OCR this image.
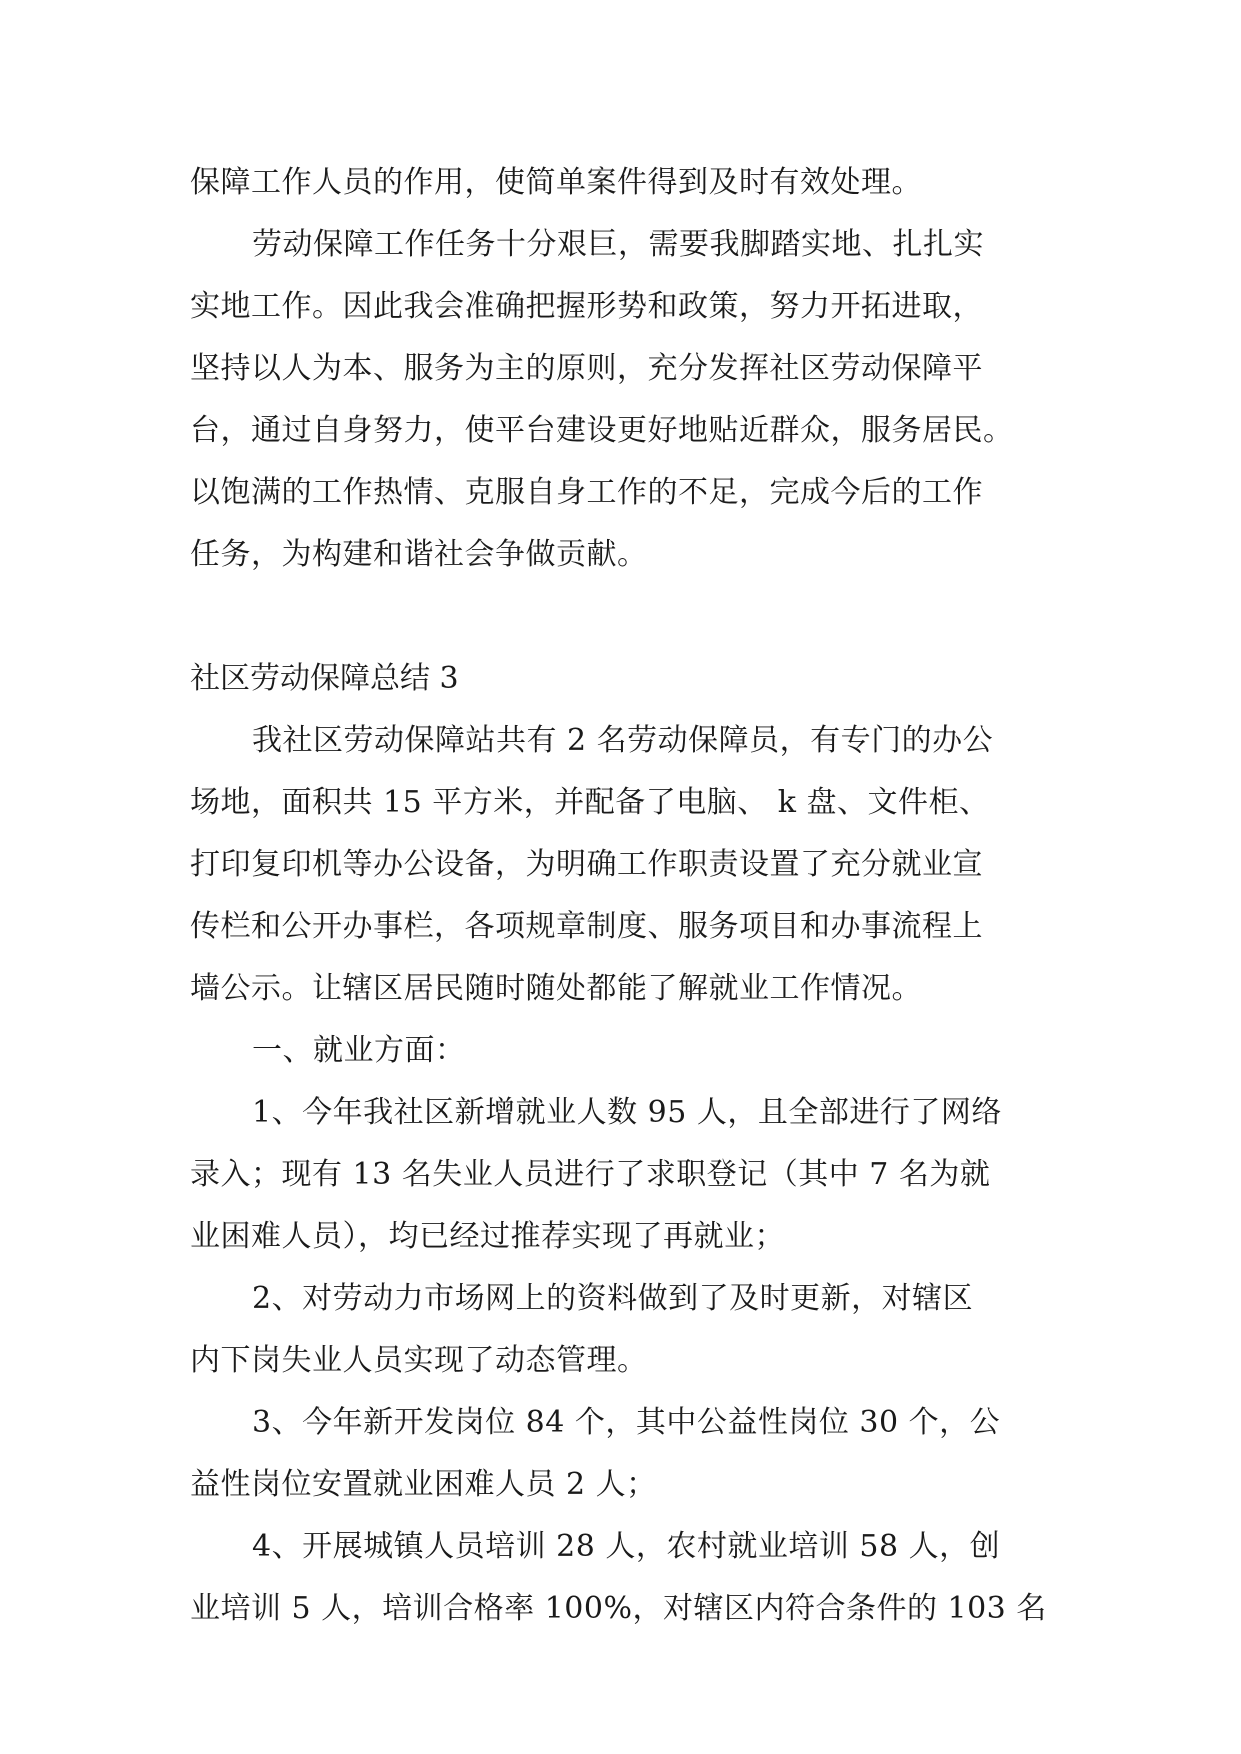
保障工作人员的作用，使简单案件得到及时有效处理。
劳动保障工作任务十分艰巨，需要我脚踏实地、扎扎实
实地工作。因此我会准确把握形势和政策，努力开拓进取，
坚持以人为本、服务为主的原则，充分发挥社区劳动保障平
台，通过自身努力，使平台建设更好地贴近群众，服务居民。
以饱满的工作热情、克服自身工作的不足，完成今后的工作
任务，为构建和谐社会争做贡献。
社区劳动保障总结 3
我社区劳动保障站共有 2 名劳动保障员，有专门的办公
场地，面积共 15 平方米，并配备了电脑、 k 盘、文件柜、
打印复印机等办公设备，为明确工作职责设置了充分就业宣
传栏和公开办事栏，各项规章制度、服务项目和办事流程上
墙公示。让辖区居民随时随处都能了解就业工作情况。
一、就业方面：
1、今年我社区新增就业人数 95 人，且全部进行了网络
录入；现有 13 名失业人员进行了求职登记（其中 7 名为就
业困难人员），均已经过推荐实现了再就业；
2、对劳动力市场网上的资料做到了及时更新，对辖区
内下岗失业人员实现了动态管理。
3、今年新开发岗位 84 个，其中公益性岗位 30 个，公
益性岗位安置就业困难人员 2 人；
4、开展城镇人员培训 28 人，农村就业培训 58 人，创
业培训 5 人，培训合格率 100%，对辖区内符合条件的 103 名
